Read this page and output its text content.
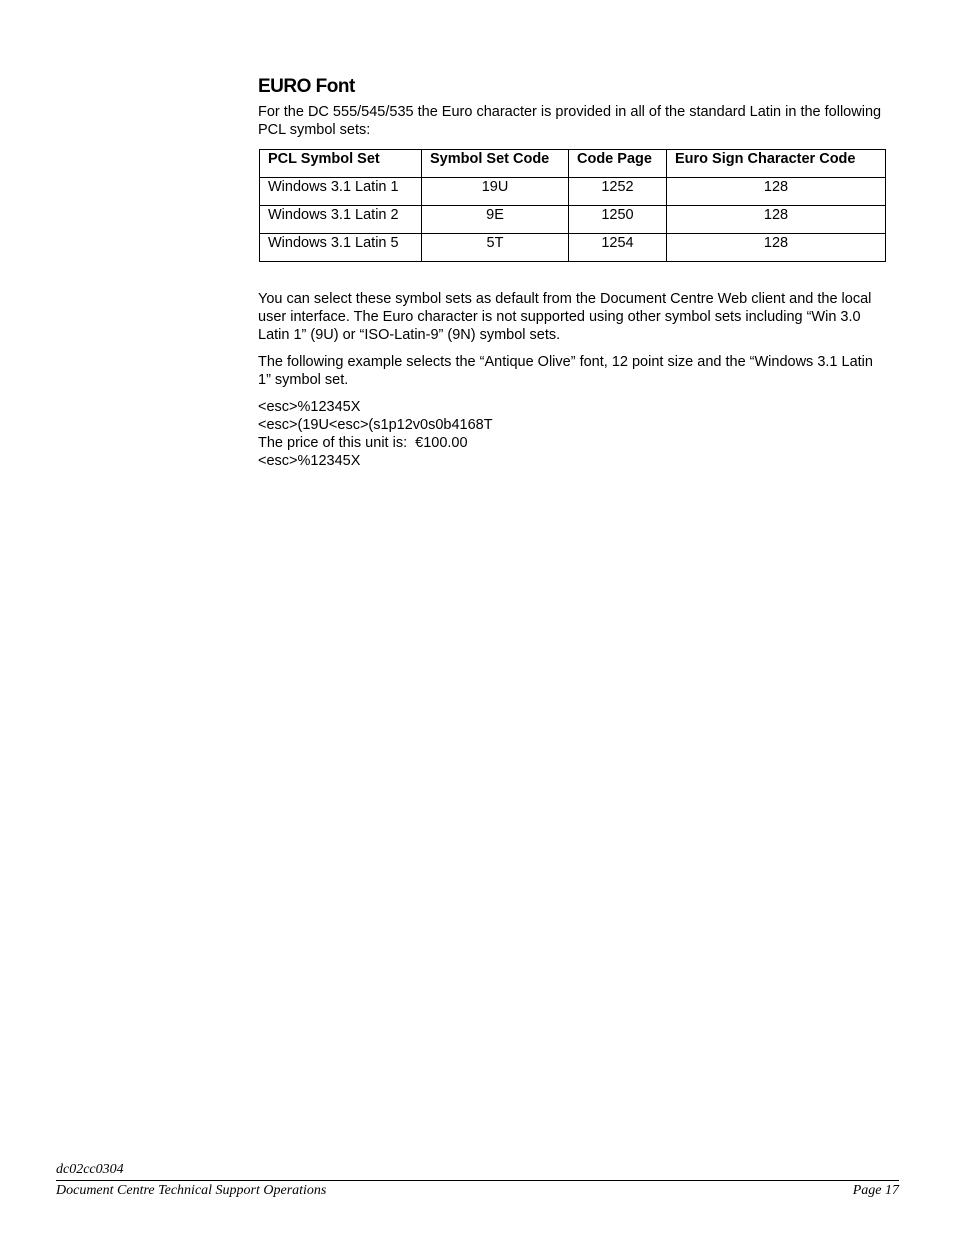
EURO Font

For the DC 555/545/535 the Euro character is provided in all of the standard Latin in the following PCL symbol sets:

PCL Symbol Set	Symbol Set Code	Code Page	Euro Sign Character Code
Windows 3.1 Latin 1	19U	1252	128
Windows 3.1 Latin 2	9E	1250	128
Windows 3.1 Latin 5	5T	1254	128

You can select these symbol sets as default from the Document Centre Web client and the local user interface. The Euro character is not supported using other symbol sets including “Win 3.0 Latin 1” (9U) or “ISO-Latin-9” (9N) symbol sets.

The following example selects the “Antique Olive” font, 12 point size and the “Windows 3.1 Latin 1” symbol set.

<esc>%12345X
<esc>(19U<esc>(s1p12v0s0b4168T
The price of this unit is:  €100.00
<esc>%12345X
dc02cc0304
Document Centre Technical Support Operations	Page 17
